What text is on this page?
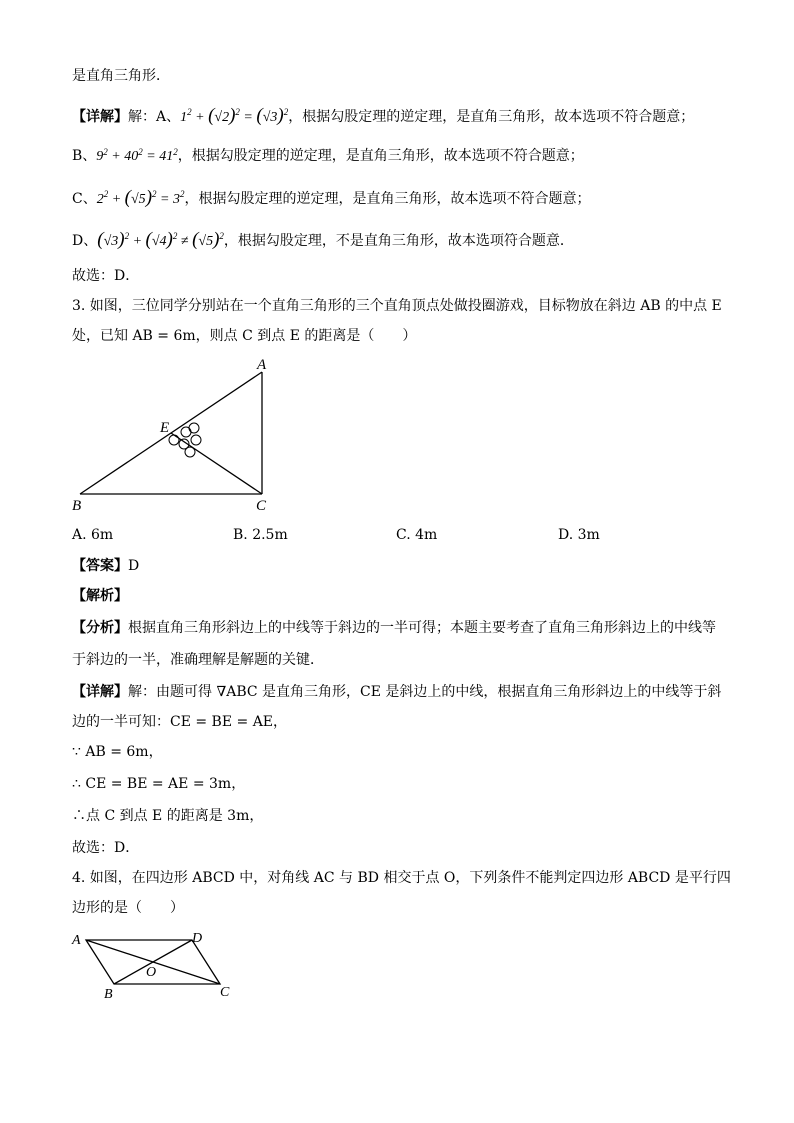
是直角三角形．
【详解】解：A、$1^2 + (√2)^2 = (√3)^2$，根据勾股定理的逆定理，是直角三角形，故本选项不符合题意；
B、$9^2 + 40^2 = 41^2$，根据勾股定理的逆定理，是直角三角形，故本选项不符合题意；
C、$2^2 + (√5)^2 = 3^2$，根据勾股定理的逆定理，是直角三角形，故本选项不符合题意；
D、$(√3)^2 + (√4)^2 \ne (√5)^2$，根据勾股定理，不是直角三角形，故本选项符合题意．
故选：D．
3. 如图，三位同学分别站在一个直角三角形的三个直角顶点处做投圈游戏，目标物放在斜边 AB 的中点 E
处，已知 AB = 6m，则点 C 到点 E 的距离是（　　）
A
B	C
E
A. 6m	B. 2.5m	C. 4m	D. 3m
【答案】D
【解析】
【分析】根据直角三角形斜边上的中线等于斜边的一半可得；本题主要考查了直角三角形斜边上的中线等
于斜边的一半，准确理解是解题的关键．
【详解】解：由题可得 ∇ABC 是直角三角形，CE 是斜边上的中线，根据直角三角形斜边上的中线等于斜
边的一半可知：CE = BE = AE，
∵ AB = 6m，
∴ CE = BE = AE = 3m，
∴点 C 到点 E 的距离是 3m，
故选：D．
4. 如图，在四边形 ABCD 中，对角线 AC 与 BD 相交于点 O，下列条件不能判定四边形 ABCD 是平行四
边形的是（　　）
A	D
O
B	C
